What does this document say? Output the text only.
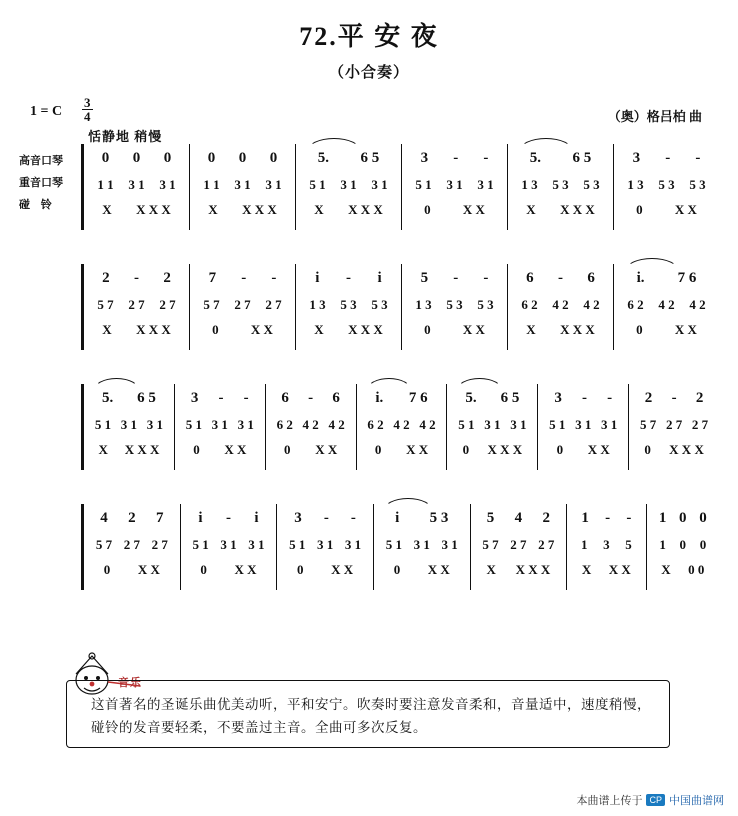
72.平 安 夜
（小合奏）
1 = C $\frac{3}{4}$	（奥）格吕柏 曲
恬静地 稍慢
高音口琴
重音口琴
碰 铃
0 0 0
1 1 3 1 3 1
X X X X
0 0 0
1 1 3 1 3 1
X X X X
5. 6 5
5 1 3 1 3 1
X X X X
3 - -
5 1 3 1 3 1
0 X X
5. 6 5
1 3 5 3 5 3
X X X X
3 - -
1 3 5 3 5 3
0 X X
2 - 2
5 7 2 7 2 7
X X X X
7 - -
5 7 2 7 2 7
0 X X
i - i
1 3 5 3 5 3
X X X X
5 - -
1 3 5 3 5 3
0 X X
6 - 6
6 2 4 2 4 2
X X X X
i. 7 6
6 2 4 2 4 2
0 X X
5. 6 5
5 1 3 1 3 1
X X X X
3 - -
5 1 3 1 3 1
0 X X
6 - 6
6 2 4 2 4 2
0 X X
i. 7 6
6 2 4 2 4 2
0 X X
5. 6 5
5 1 3 1 3 1
0 X X X
3 - -
5 1 3 1 3 1
0 X X
2 - 2
5 7 2 7 2 7
0 X X X
4 2 7
5 7 2 7 2 7
0 X X
i - i
5 1 3 1 3 1
0 X X
3 - -
5 1 3 1 3 1
0 X X
i 5 3
5 1 3 1 3 1
0 X X
5 4 2
5 7 2 7 2 7
X X X X
1 - -
1 3 5
X X X
1 0 0
1 0 0
X 0 0
音乐
这首著名的圣诞乐曲优美动听，平和安宁。吹奏时要注意发音柔和，音量适中，速度稍慢，碰铃的发音要轻柔，不要盖过主音。全曲可多次反复。
本曲谱上传于 CP 中国曲谱网
